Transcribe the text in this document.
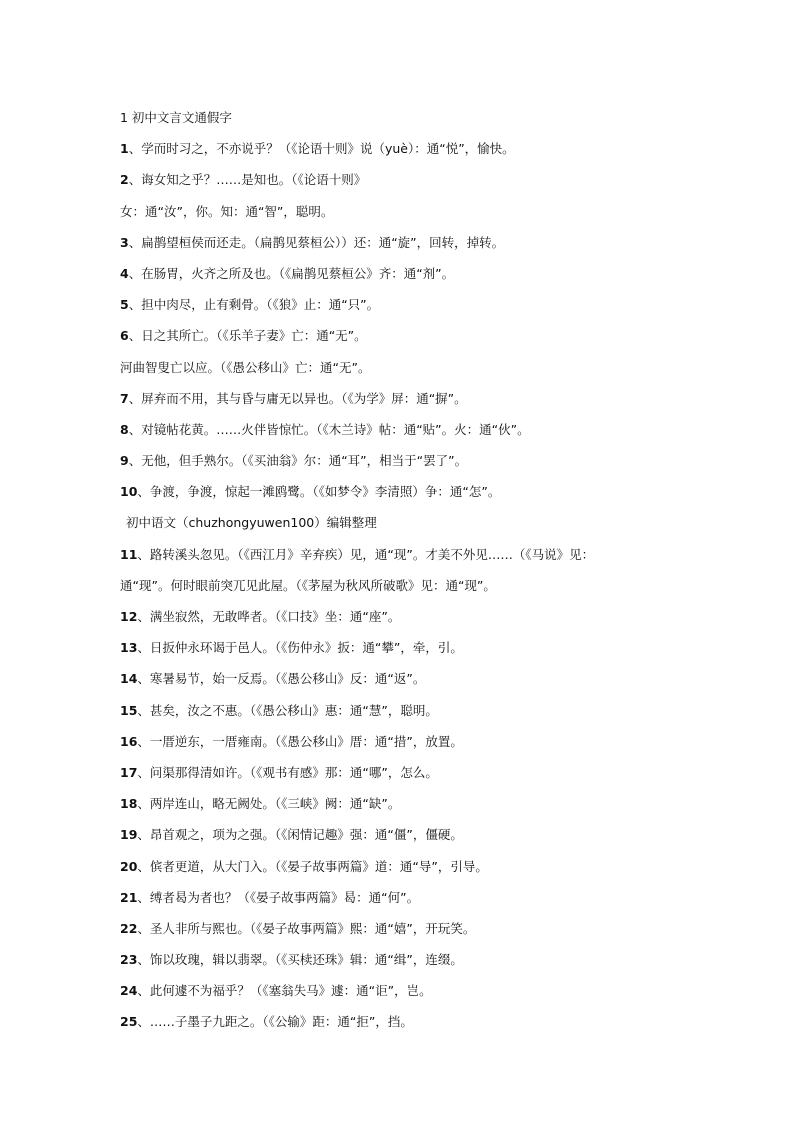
1 初中文言文通假字
1、学而时习之，不亦说乎？（《论语十则》说（yuè）：通“悦”，愉快。
2、诲女知之乎？……是知也。（《论语十则》
女：通“汝”，你。知：通“智”，聪明。
3、扁鹊望桓侯而还走。（扁鹊见蔡桓公））还：通“旋”，回转，掉转。
4、在肠胃，火齐之所及也。（《扁鹊见蔡桓公》齐：通“剂”。
5、担中肉尽，止有剩骨。（《狼》止：通“只”。
6、日之其所亡。（《乐羊子妻》亡：通“无”。
河曲智叟亡以应。（《愚公移山》亡：通“无”。
7、屏弃而不用，其与昏与庸无以异也。（《为学》屏：通“摒”。
8、对镜帖花黄。……火伴皆惊忙。（《木兰诗》帖：通“贴”。火：通“伙”。
9、无他，但手熟尔。（《买油翁》尔：通“耳”，相当于“罢了”。
10、争渡，争渡，惊起一滩鸥鹭。（《如梦令》李清照）争：通“怎”。
初中语文（chuzhongyuwen100）编辑整理
11、路转溪头忽见。（《西江月》辛弃疾）见，通“现”。才美不外见……（《马说》见：
通“现”。何时眼前突兀见此屋。（《茅屋为秋风所破歌》见：通“现”。
12、满坐寂然，无敢哗者。（《口技》坐：通“座”。
13、日扳仲永环谒于邑人。（《伤仲永》扳：通“攀”，牵，引。
14、寒暑易节，始一反焉。（《愚公移山》反：通“返”。
15、甚矣，汝之不惠。（《愚公移山》惠：通“慧”，聪明。
16、一厝逆东，一厝雍南。（《愚公移山》厝：通“措”，放置。
17、问渠那得清如许。（《观书有感》那：通“哪”，怎么。
18、两岸连山，略无阙处。（《三峡》阙：通“缺”。
19、昂首观之，项为之强。（《闲情记趣》强：通“僵”，僵硬。
20、傧者更道，从大门入。（《晏子故事两篇》道：通“导”，引导。
21、缚者曷为者也？（《晏子故事两篇》曷：通“何”。
22、圣人非所与熙也。（《晏子故事两篇》熙：通“嬉”，开玩笑。
23、饰以玫瑰，辑以翡翠。（《买椟还珠》辑：通“缉”，连缀。
24、此何遽不为福乎？（《塞翁失马》遽：通“讵”，岂。
25、……子墨子九距之。（《公输》距：通“拒”，挡。
